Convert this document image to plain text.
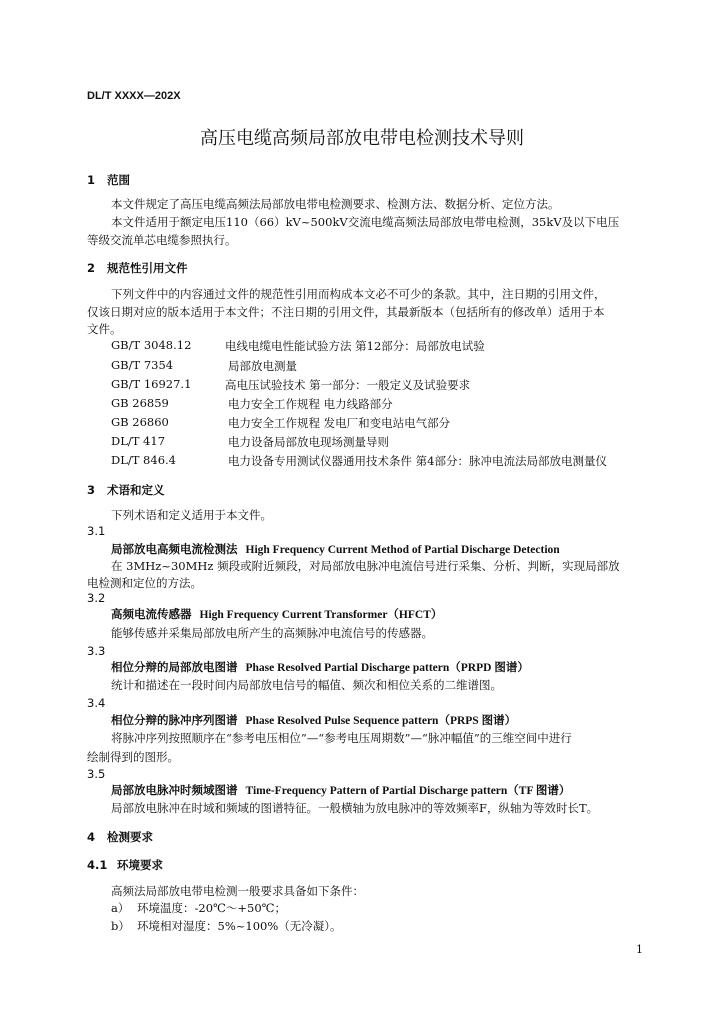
DL/T XXXX—202X
高压电缆高频局部放电带电检测技术导则
1 范围
本文件规定了高压电缆高频法局部放电带电检测要求、检测方法、数据分析、定位方法。
本文件适用于额定电压110（66）kV~500kV交流电缆高频法局部放电带电检测，35kV及以下电压
等级交流单芯电缆参照执行。
2 规范性引用文件
下列文件中的内容通过文件的规范性引用而构成本文必不可少的条款。其中，注日期的引用文件，
仅该日期对应的版本适用于本文件；不注日期的引用文件，其最新版本（包括所有的修改单）适用于本
文件。
GB/T 3048.12	电线电缆电性能试验方法 第12部分：局部放电试验
GB/T 7354	局部放电测量
GB/T 16927.1	高电压试验技术 第一部分：一般定义及试验要求
GB 26859	电力安全工作规程 电力线路部分
GB 26860	电力安全工作规程 发电厂和变电站电气部分
DL/T 417	电力设备局部放电现场测量导则
DL/T 846.4	电力设备专用测试仪器通用技术条件 第4部分：脉冲电流法局部放电测量仪
3 术语和定义
下列术语和定义适用于本文件。
3.1
局部放电高频电流检测法 High Frequency Current Method of Partial Discharge Detection
在 3MHz~30MHz 频段或附近频段，对局部放电脉冲电流信号进行采集、分析、判断，实现局部放
电检测和定位的方法。
3.2
高频电流传感器 High Frequency Current Transformer（HFCT）
能够传感并采集局部放电所产生的高频脉冲电流信号的传感器。
3.3
相位分辩的局部放电图谱 Phase Resolved Partial Discharge pattern（PRPD 图谱）
统计和描述在一段时间内局部放电信号的幅值、频次和相位关系的二维谱图。
3.4
相位分辩的脉冲序列图谱 Phase Resolved Pulse Sequence pattern（PRPS 图谱）
将脉冲序列按照顺序在“参考电压相位”—“参考电压周期数”—“脉冲幅值”的三维空间中进行
绘制得到的图形。
3.5
局部放电脉冲时频域图谱 Time-Frequency Pattern of Partial Discharge pattern（TF 图谱）
局部放电脉冲在时域和频域的图谱特征。一般横轴为放电脉冲的等效频率F，纵轴为等效时长T。
4 检测要求
4.1 环境要求
高频法局部放电带电检测一般要求具备如下条件：
a） 环境温度：-20℃～+50℃；
b） 环境相对湿度：5%~100%（无冷凝）。
1
